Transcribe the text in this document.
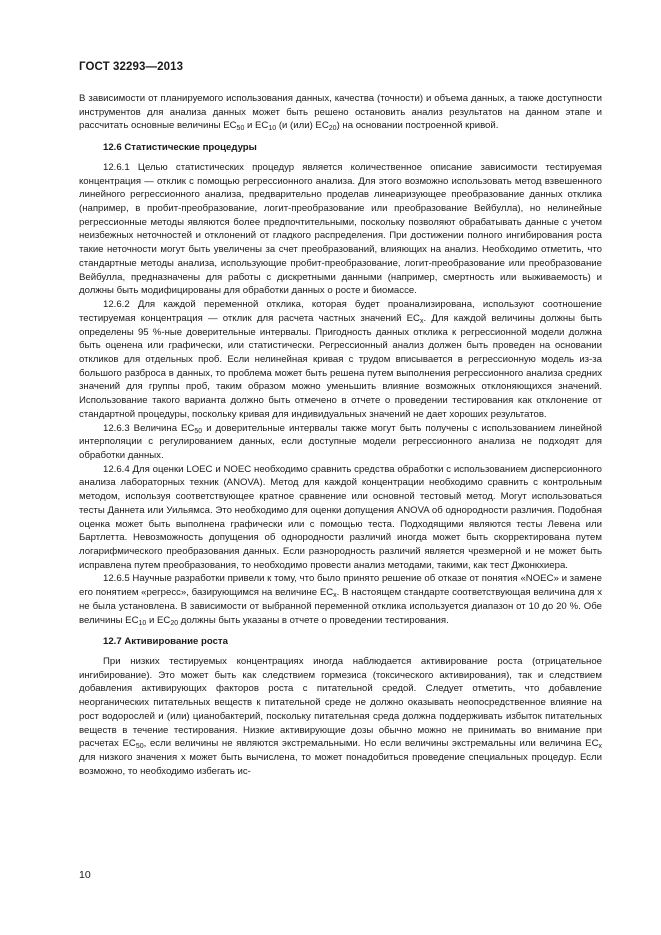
ГОСТ 32293—2013

В зависимости от планируемого использования данных, качества (точности) и объема данных, а также доступности инструментов для анализа данных может быть решено остановить анализ результатов на данном этапе и рассчитать основные величины $EC_{50}$ и $EC_{10}$ (и (или) $EC_{20}$) на основании построенной кривой.

12.6 Статистические процедуры

12.6.1 Целью статистических процедур является количественное описание зависимости тестируемая концентрация — отклик с помощью регрессионного анализа. Для этого возможно использовать метод взвешенного линейного регрессионного анализа, предварительно проделав линеаризующее преобразование данных отклика (например, в пробит-преобразование, логит-преобразование или преобразование Вейбулла), но нелинейные регрессионные методы являются более предпочтительными, поскольку позволяют обрабатывать данные с учетом неизбежных неточностей и отклонений от гладкого распределения. При достижении полного ингибирования роста такие неточности могут быть увеличены за счет преобразований, влияющих на анализ. Необходимо отметить, что стандартные методы анализа, использующие пробит-преобразование, логит-преобразование или преобразование Вейбулла, предназначены для работы с дискретными данными (например, смертность или выживаемость) и должны быть модифицированы для обработки данных о росте и биомассе.

12.6.2 Для каждой переменной отклика, которая будет проанализирована, используют соотношение тестируемая концентрация — отклик для расчета частных значений $EC_x$. Для каждой величины должны быть определены 95 %-ные доверительные интервалы. Пригодность данных отклика к регрессионной модели должна быть оценена или графически, или статистически. Регрессионный анализ должен быть проведен на основании откликов для отдельных проб. Если нелинейная кривая с трудом вписывается в регрессионную модель из-за большого разброса в данных, то проблема может быть решена путем выполнения регрессионного анализа средних значений для группы проб, таким образом можно уменьшить влияние возможных отклоняющихся значений. Использование такого варианта должно быть отмечено в отчете о проведении тестирования как отклонение от стандартной процедуры, поскольку кривая для индивидуальных значений не дает хороших результатов.

12.6.3 Величина $EC_{50}$ и доверительные интервалы также могут быть получены с использованием линейной интерполяции с регулированием данных, если доступные модели регрессионного анализа не подходят для обработки данных.

12.6.4 Для оценки LOEC и NOEC необходимо сравнить средства обработки с использованием дисперсионного анализа лабораторных техник (ANOVA). Метод для каждой концентрации необходимо сравнить с контрольным методом, используя соответствующее кратное сравнение или основной тестовый метод. Могут использоваться тесты Даннета или Уильямса. Это необходимо для оценки допущения ANOVA об однородности различия. Подобная оценка может быть выполнена графически или с помощью теста. Подходящими являются тесты Левена или Бартлетта. Невозможность допущения об однородности различий иногда может быть скорректирована путем логарифмического преобразования данных. Если разнородность различий является чрезмерной и не может быть исправлена путем преобразования, то необходимо провести анализ методами, такими, как тест Джонкхиера.

12.6.5 Научные разработки привели к тому, что было принято решение об отказе от понятия «NOEC» и замене его понятием «регресс», базирующимся на величине $EC_x$. В настоящем стандарте соответствующая величина для x не была установлена. В зависимости от выбранной переменной отклика используется диапазон от 10 до 20 %. Обе величины $EC_{10}$ и $EC_{20}$ должны быть указаны в отчете о проведении тестирования.

12.7 Активирование роста

При низких тестируемых концентрациях иногда наблюдается активирование роста (отрицательное ингибирование). Это может быть как следствием гормезиса (токсического активирования), так и следствием добавления активирующих факторов роста с питательной средой. Следует отметить, что добавление неорганических питательных веществ к питательной среде не должно оказывать неопосредственное влияние на рост водорослей и (или) цианобактерий, поскольку питательная среда должна поддерживать избыток питательных веществ в течение тестирования. Низкие активирующие дозы обычно можно не принимать во внимание при расчетах $EC_{50}$, если величины не являются экстремальными. Но если величины экстремальны или величина $EC_x$ для низкого значения x может быть вычислена, то может понадобиться проведение специальных процедур. Если возможно, то необходимо избегать ис-

10
